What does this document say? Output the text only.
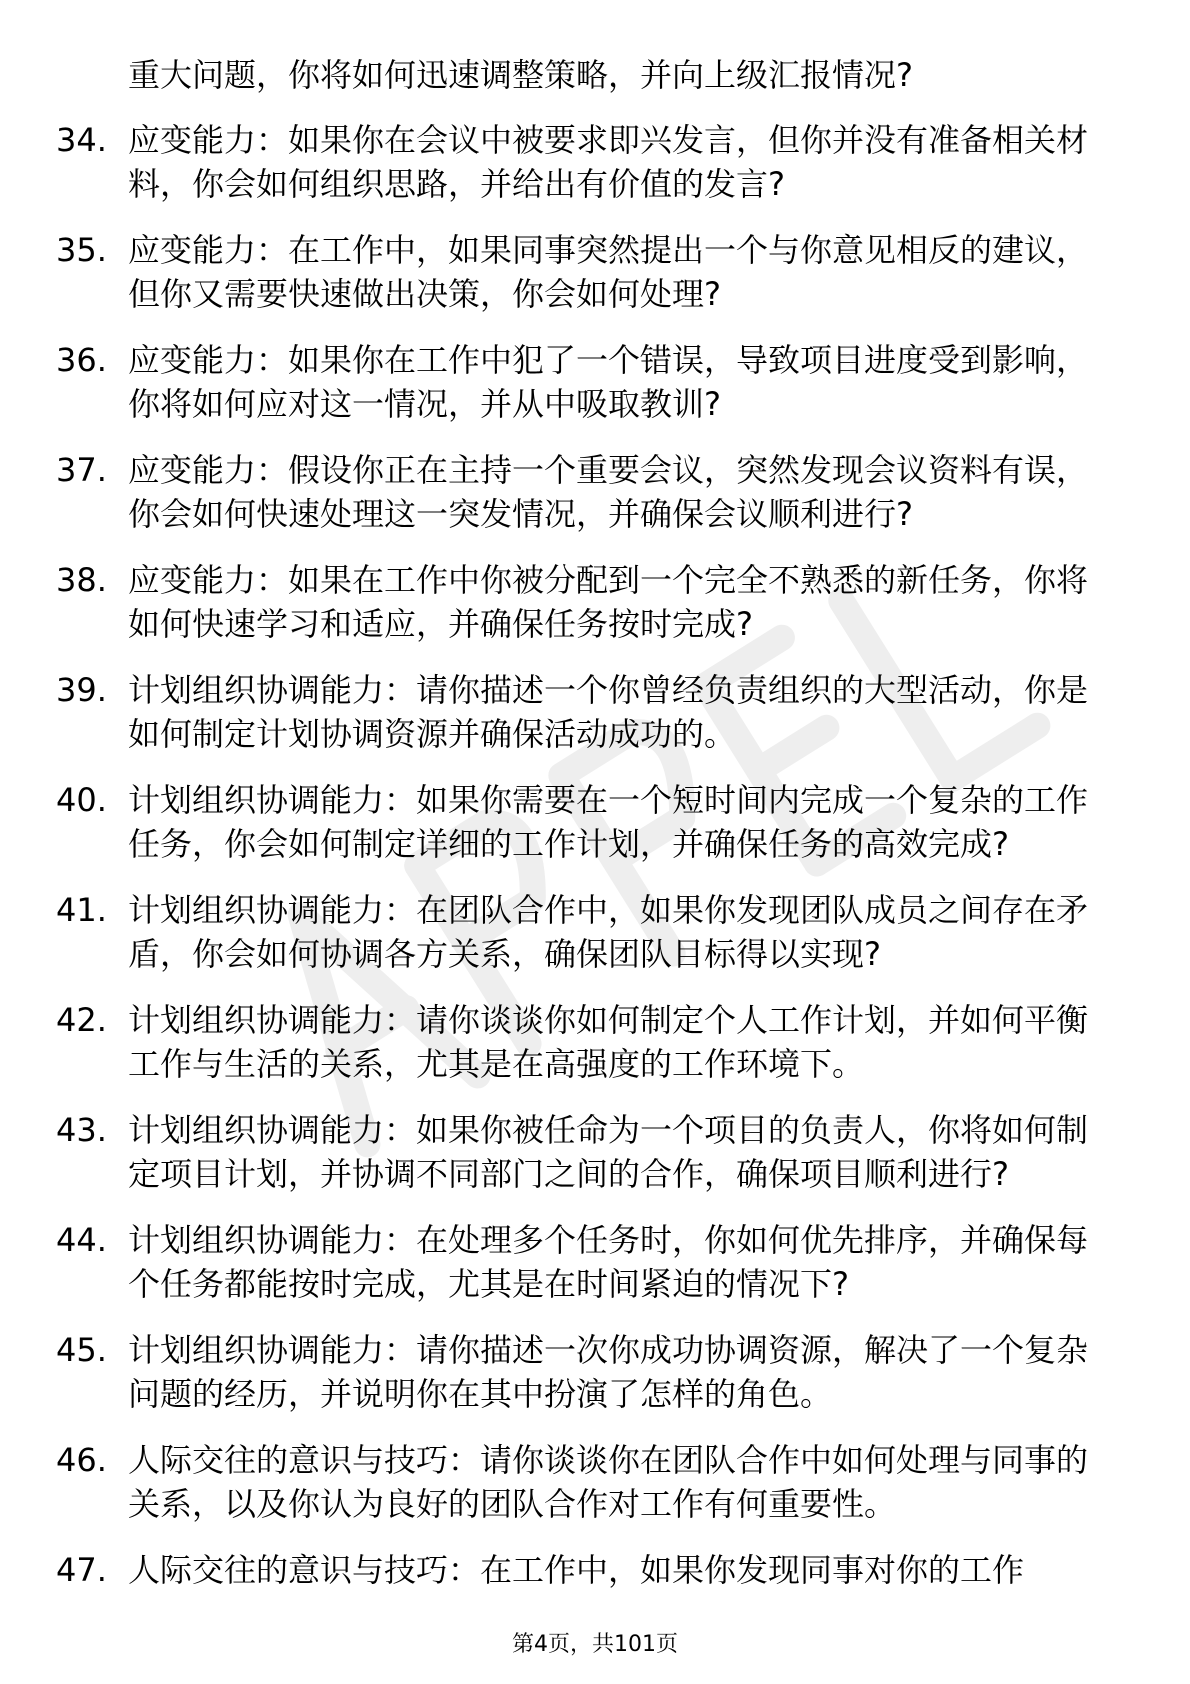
重大问题，你将如何迅速调整策略，并向上级汇报情况?
34. 应变能力：如果你在会议中被要求即兴发言，但你并没有准备相关材料，你会如何组织思路，并给出有价值的发言?
35. 应变能力：在工作中，如果同事突然提出一个与你意见相反的建议，但你又需要快速做出决策，你会如何处理?
36. 应变能力：如果你在工作中犯了一个错误，导致项目进度受到影响，你将如何应对这一情况，并从中吸取教训?
37. 应变能力：假设你正在主持一个重要会议，突然发现会议资料有误，你会如何快速处理这一突发情况，并确保会议顺利进行?
38. 应变能力：如果在工作中你被分配到一个完全不熟悉的新任务，你将如何快速学习和适应，并确保任务按时完成?
39. 计划组织协调能力：请你描述一个你曾经负责组织的大型活动，你是如何制定计划协调资源并确保活动成功的。
40. 计划组织协调能力：如果你需要在一个短时间内完成一个复杂的工作任务，你会如何制定详细的工作计划，并确保任务的高效完成?
41. 计划组织协调能力：在团队合作中，如果你发现团队成员之间存在矛盾，你会如何协调各方关系，确保团队目标得以实现?
42. 计划组织协调能力：请你谈谈你如何制定个人工作计划，并如何平衡工作与生活的关系，尤其是在高强度的工作环境下。
43. 计划组织协调能力：如果你被任命为一个项目的负责人，你将如何制定项目计划，并协调不同部门之间的合作，确保项目顺利进行?
44. 计划组织协调能力：在处理多个任务时，你如何优先排序，并确保每个任务都能按时完成，尤其是在时间紧迫的情况下?
45. 计划组织协调能力：请你描述一次你成功协调资源，解决了一个复杂问题的经历，并说明你在其中扮演了怎样的角色。
46. 人际交往的意识与技巧：请你谈谈你在团队合作中如何处理与同事的关系，以及你认为良好的团队合作对工作有何重要性。
47. 人际交往的意识与技巧：在工作中，如果你发现同事对你的工作
第4页，共101页
